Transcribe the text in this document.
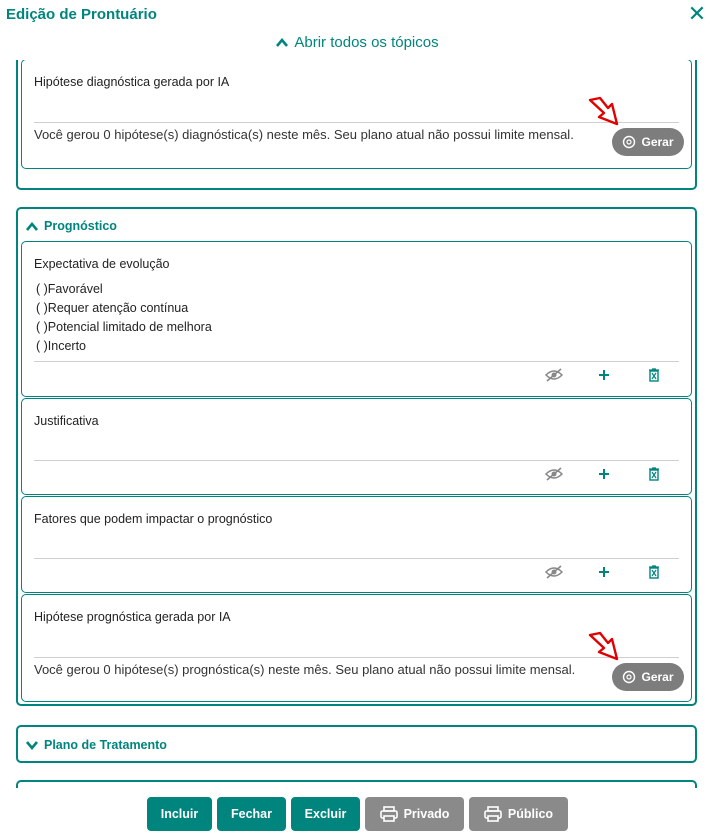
Edição de Prontuário	✕
Abrir todos os tópicos
Hipótese diagnóstica gerada por IA
Você gerou 0 hipótese(s) diagnóstica(s) neste mês. Seu plano atual não possui limite mensal.	Gerar
Prognóstico
Expectativa de evolução
( )Favorável
( )Requer atenção contínua
( )Potencial limitado de melhora
( )Incerto
Justificativa
Fatores que podem impactar o prognóstico
Hipótese prognóstica gerada por IA
Você gerou 0 hipótese(s) prognóstica(s) neste mês. Seu plano atual não possui limite mensal.	Gerar
Plano de Tratamento
Incluir	Fechar	Excluir	Privado	Público
